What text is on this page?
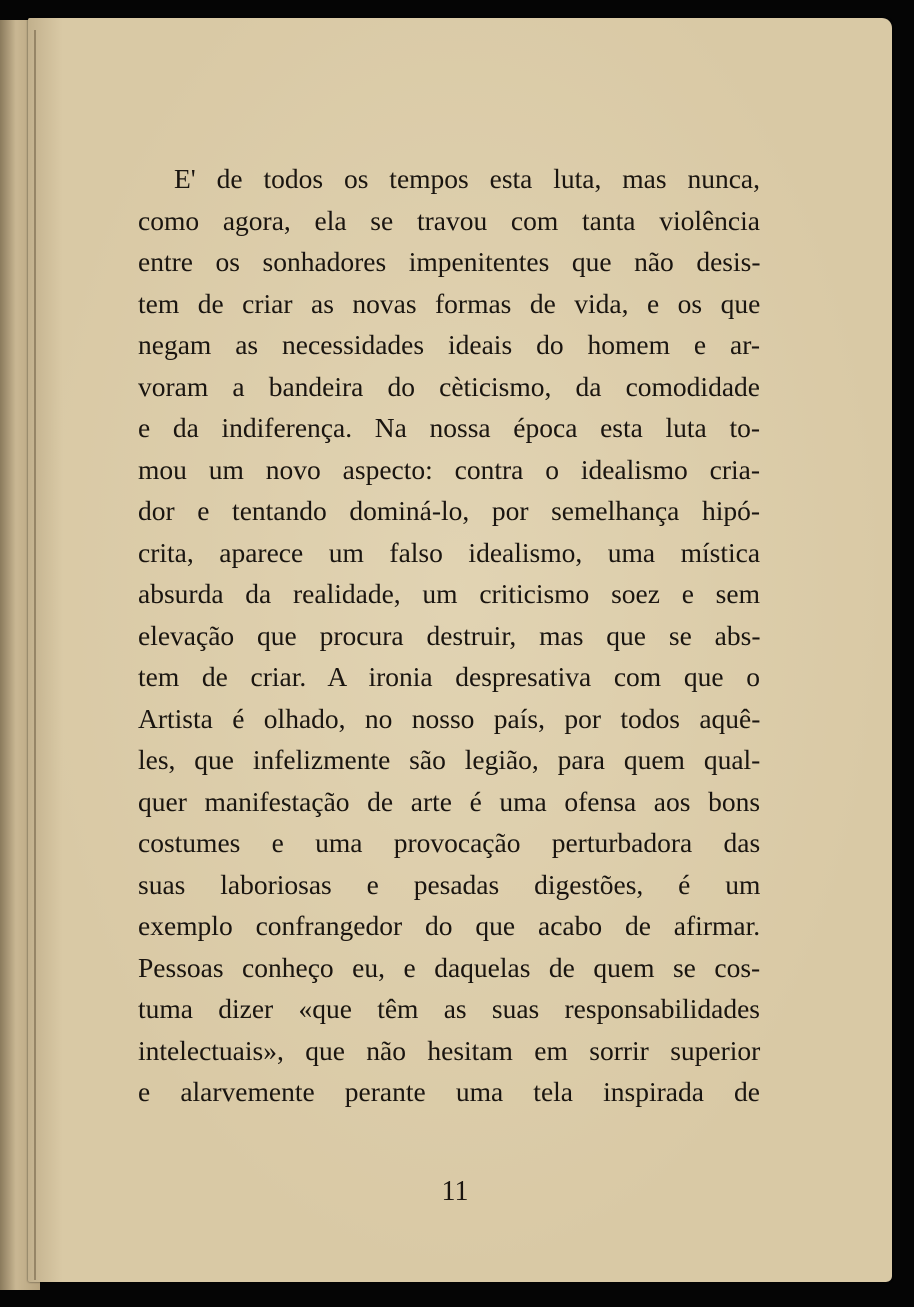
E' de todos os tempos esta luta, mas nunca,
como agora, ela se travou com tanta violência
entre os sonhadores impenitentes que não desis-
tem de criar as novas formas de vida, e os que
negam as necessidades ideais do homem e ar-
voram a bandeira do cèticismo, da comodidade
e da indiferença. Na nossa época esta luta to-
mou um novo aspecto: contra o idealismo cria-
dor e tentando dominá-lo, por semelhança hipó-
crita, aparece um falso idealismo, uma mística
absurda da realidade, um criticismo soez e sem
elevação que procura destruir, mas que se abs-
tem de criar. A ironia despresativa com que o
Artista é olhado, no nosso país, por todos aquê-
les, que infelizmente são legião, para quem qual-
quer manifestação de arte é uma ofensa aos bons
costumes e uma provocação perturbadora das
suas laboriosas e pesadas digestões, é um
exemplo confrangedor do que acabo de afirmar.
Pessoas conheço eu, e daquelas de quem se cos-
tuma dizer «que têm as suas responsabilidades
intelectuais», que não hesitam em sorrir superior
e alarvemente perante uma tela inspirada de
11
